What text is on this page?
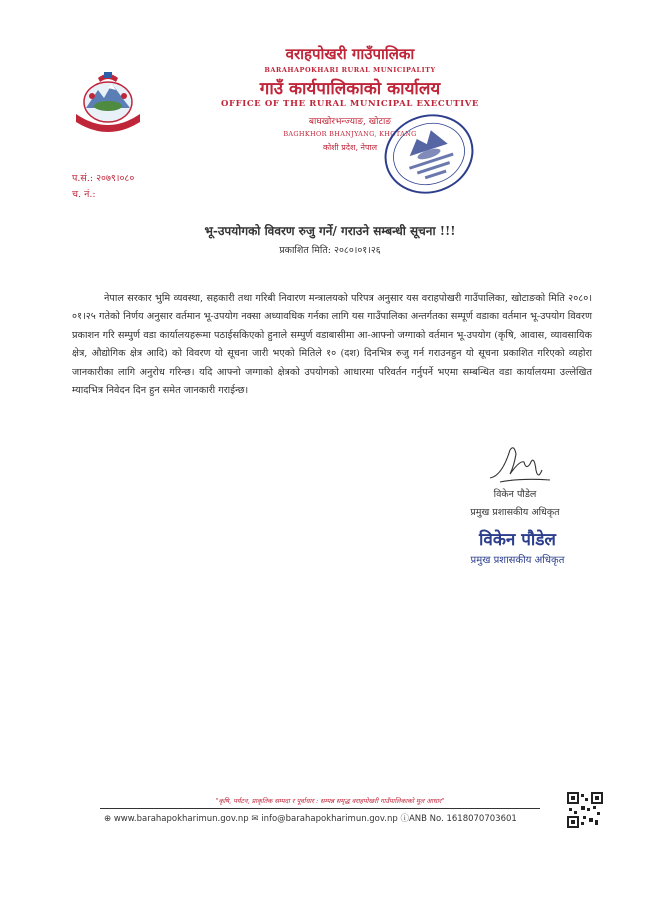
वराहपोखरी गाउँपालिका
BARAHAPOKHARI RURAL MUNICIPALITY
गाउँ कार्यपालिकाको कार्यालय
OFFICE OF THE RURAL MUNICIPAL EXECUTIVE
बाघखोरभन्ज्याङ, खोटाङ
BAGHKHOR BHANJYANG, KHOTANG
कोशी प्रदेश, नेपाल
प.सं.: २०७९।०८०
च. नं.:
भू-उपयोगको विवरण रुजु गर्ने/ गराउने सम्बन्धी सूचना !!!
प्रकाशित मिति: २०८०।०१।२६

नेपाल सरकार भुमि व्यवस्था, सहकारी तथा गरिबी निवारण मन्त्रालयको परिपत्र अनुसार यस वराहपोखरी गाउँपालिका, खोटाङको मिति २०८०।०१।२५ गतेको निर्णय अनुसार वर्तमान भू-उपयोग नक्सा अध्यावधिक गर्नका लागि यस गाउँपालिका अन्तर्गतका सम्पूर्ण वडाका वर्तमान भू-उपयोग विवरण प्रकाशन गरि सम्पुर्ण वडा कार्यालयहरूमा पठाईसकिएको हुनाले सम्पुर्ण वडाबासीमा आ-आफ्नो जग्गाको वर्तमान भू-उपयोग (कृषि, आवास, व्यावसायिक क्षेत्र, औद्योगिक क्षेत्र आदि) को विवरण यो सूचना जारी भएको मितिले १० (दश) दिनभित्र रुजु गर्न गराउनहुन यो सूचना प्रकाशित गरिएको व्यहोरा जानकारीका लागि अनुरोध गरिन्छ। यदि आफ्नो जग्गाको क्षेत्रको उपयोगको आधारमा परिवर्तन गर्नुपर्ने भएमा सम्बन्धित वडा कार्यालयमा उल्लेखित म्यादभित्र निवेदन दिन हुन समेत जानकारी गराईन्छ।

विकेन पौडेल
प्रमुख प्रशासकीय अधिकृत
विकेन पौडेल
प्रमुख प्रशासकीय अधिकृत
"कृषि, पर्यटन, प्राकृतिक सम्पदा र पूर्वाधार : सम्पन्न समृद्ध वराहपोखरी गाउँपालिकाको मूल आधार"
⊕ www.barahapokharimun.gov.np ✉ info@barahapokharimun.gov.np ⓘANB No. 1618070703601
